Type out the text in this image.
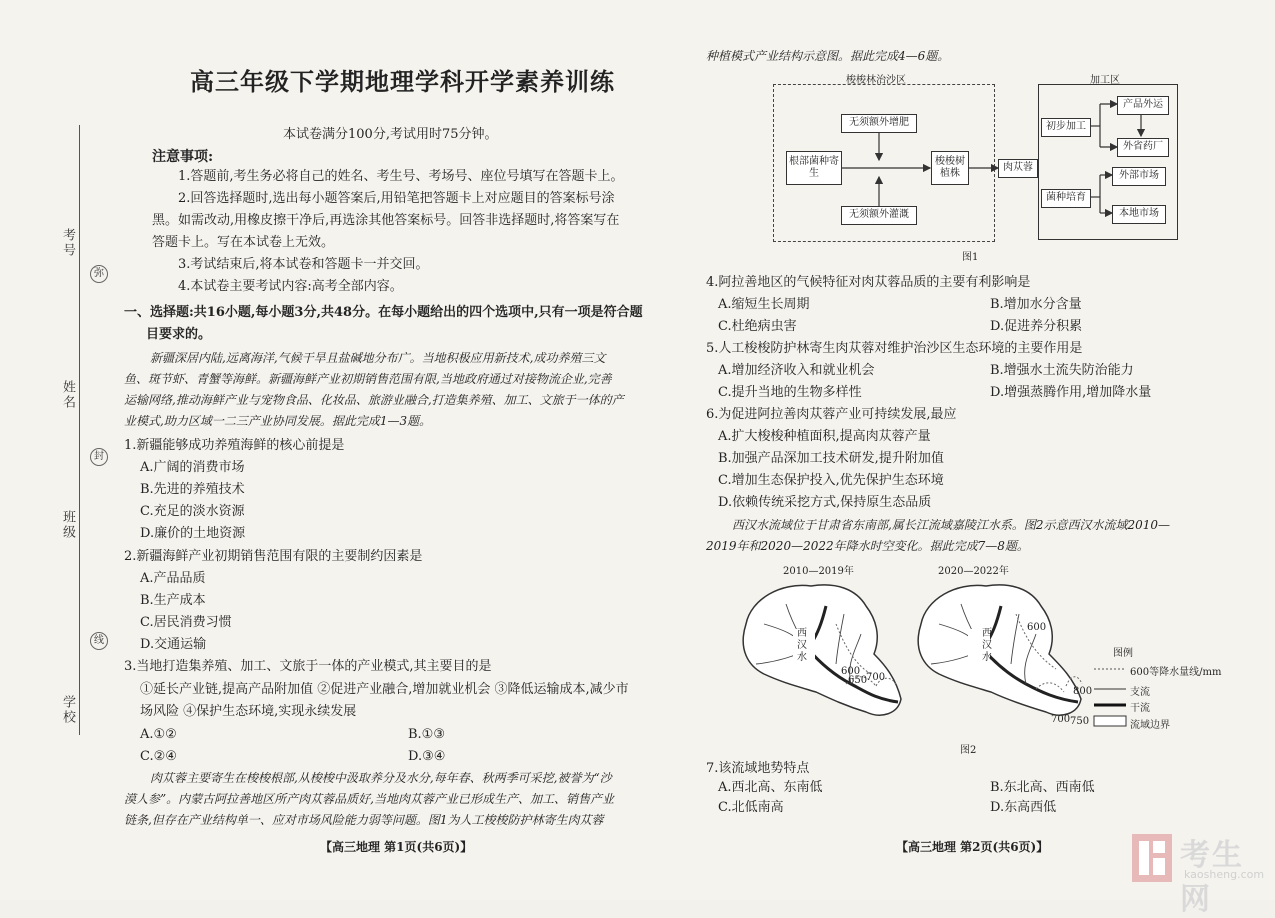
考号
姓名
班级
学校
弥
封
线
高三年级下学期地理学科开学素养训练
本试卷满分100分,考试用时75分钟。
注意事项:
1.答题前,考生务必将自己的姓名、考生号、考场号、座位号填写在答题卡上。
2.回答选择题时,选出每小题答案后,用铅笔把答题卡上对应题目的答案标号涂
黑。如需改动,用橡皮擦干净后,再选涂其他答案标号。回答非选择题时,将答案写在
答题卡上。写在本试卷上无效。
3.考试结束后,将本试卷和答题卡一并交回。
4.本试卷主要考试内容:高考全部内容。
一、选择题:共16小题,每小题3分,共48分。在每小题给出的四个选项中,只有一项是符合题
目要求的。
新疆深居内陆,远离海洋,气候干旱且盐碱地分布广。当地积极应用新技术,成功养殖三文
鱼、斑节虾、青蟹等海鲜。新疆海鲜产业初期销售范围有限,当地政府通过对接物流企业,完善
运输网络,推动海鲜产业与宠物食品、化妆品、旅游业融合,打造集养殖、加工、文旅于一体的产
业模式,助力区域一二三产业协同发展。据此完成1—3题。
1.新疆能够成功养殖海鲜的核心前提是
A.广阔的消费市场
B.先进的养殖技术
C.充足的淡水资源
D.廉价的土地资源
2.新疆海鲜产业初期销售范围有限的主要制约因素是
A.产品品质
B.生产成本
C.居民消费习惯
D.交通运输
3.当地打造集养殖、加工、文旅于一体的产业模式,其主要目的是
①延长产业链,提高产品附加值 ②促进产业融合,增加就业机会 ③降低运输成本,减少市
场风险 ④保护生态环境,实现永续发展
A.①②	B.①③
C.②④	D.③④
肉苁蓉主要寄生在梭梭根部,从梭梭中汲取养分及水分,每年春、秋两季可采挖,被誉为“沙
漠人参”。内蒙古阿拉善地区所产肉苁蓉品质好,当地肉苁蓉产业已形成生产、加工、销售产业
链条,但存在产业结构单一、应对市场风险能力弱等问题。图1为人工梭梭防护林寄生肉苁蓉
【高三地理 第1页(共6页)】
种植模式产业结构示意图。据此完成4—6题。
梭梭林治沙区	加工区
无须额外增肥
根部菌种寄生
梭梭树植株
无须额外灌溉
肉苁蓉
初步加工
产品外运
外省药厂
菌种培育
外部市场
本地市场
图1
4.阿拉善地区的气候特征对肉苁蓉品质的主要有利影响是
A.缩短生长周期	B.增加水分含量
C.杜绝病虫害	D.促进养分积累
5.人工梭梭防护林寄生肉苁蓉对维护治沙区生态环境的主要作用是
A.增加经济收入和就业机会	B.增强水土流失防治能力
C.提升当地的生物多样性	D.增强蒸腾作用,增加降水量
6.为促进阿拉善肉苁蓉产业可持续发展,最应
A.扩大梭梭种植面积,提高肉苁蓉产量
B.加强产品深加工技术研发,提升附加值
C.增加生态保护投入,优先保护生态环境
D.依赖传统采挖方式,保持原生态品质
西汉水流域位于甘肃省东南部,属长江流域嘉陵江水系。图2示意西汉水流域2010—
2019年和2020—2022年降水时空变化。据此完成7—8题。
2010—2019年	2020—2022年
西汉水
600
650
700
西汉水
600
700 750
800
图例
600等降水量线/mm
支流
干流
流域边界
图2
7.该流域地势特点
A.西北高、东南低	B.东北高、西南低
C.北低南高	D.东高西低
【高三地理 第2页(共6页)】	考生网
kaosheng.com
